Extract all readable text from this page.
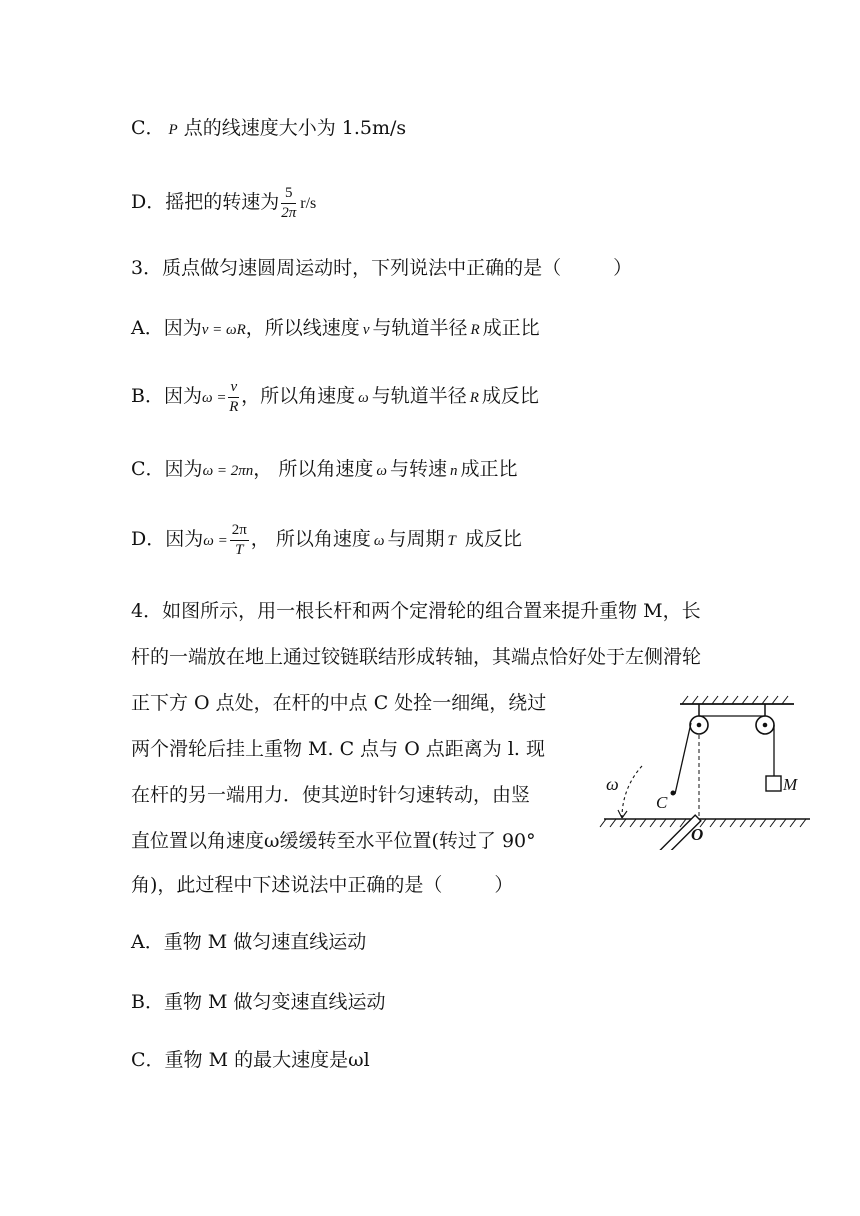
C． P 点的线速度大小为 1.5m/s
D．摇把的转速为 $\frac{5}{2\pi} r/s$
3．质点做匀速圆周运动时，下列说法中正确的是（	）
A．因为v = ωR，所以线速度 v 与轨道半径 R 成正比
B．因为$\omega = \frac{v}{R}$ ，所以角速度 ω 与轨道半径 R 成反比
C．因为ω = 2πn， 所以角速度 ω 与转速 n 成正比
D．因为$\omega = \frac{2\pi}{T}$ ， 所以角速度 ω 与周期 T 成反比
4．如图所示，用一根长杆和两个定滑轮的组合置来提升重物 M，长
杆的一端放在地上通过铰链联结形成转轴，其端点恰好处于左侧滑轮
正下方 O 点处，在杆的中点 C 处拴一细绳，绕过
两个滑轮后挂上重物 M. C 点与 O 点距离为 l. 现
在杆的另一端用力．使其逆时针匀速转动，由竖
直位置以角速度ω缓缓转至水平位置(转过了 90°
角)，此过程中下述说法中正确的是（	）
M
C
ω
O
A．重物 M 做匀速直线运动
B．重物 M 做匀变速直线运动
C．重物 M 的最大速度是ωl
